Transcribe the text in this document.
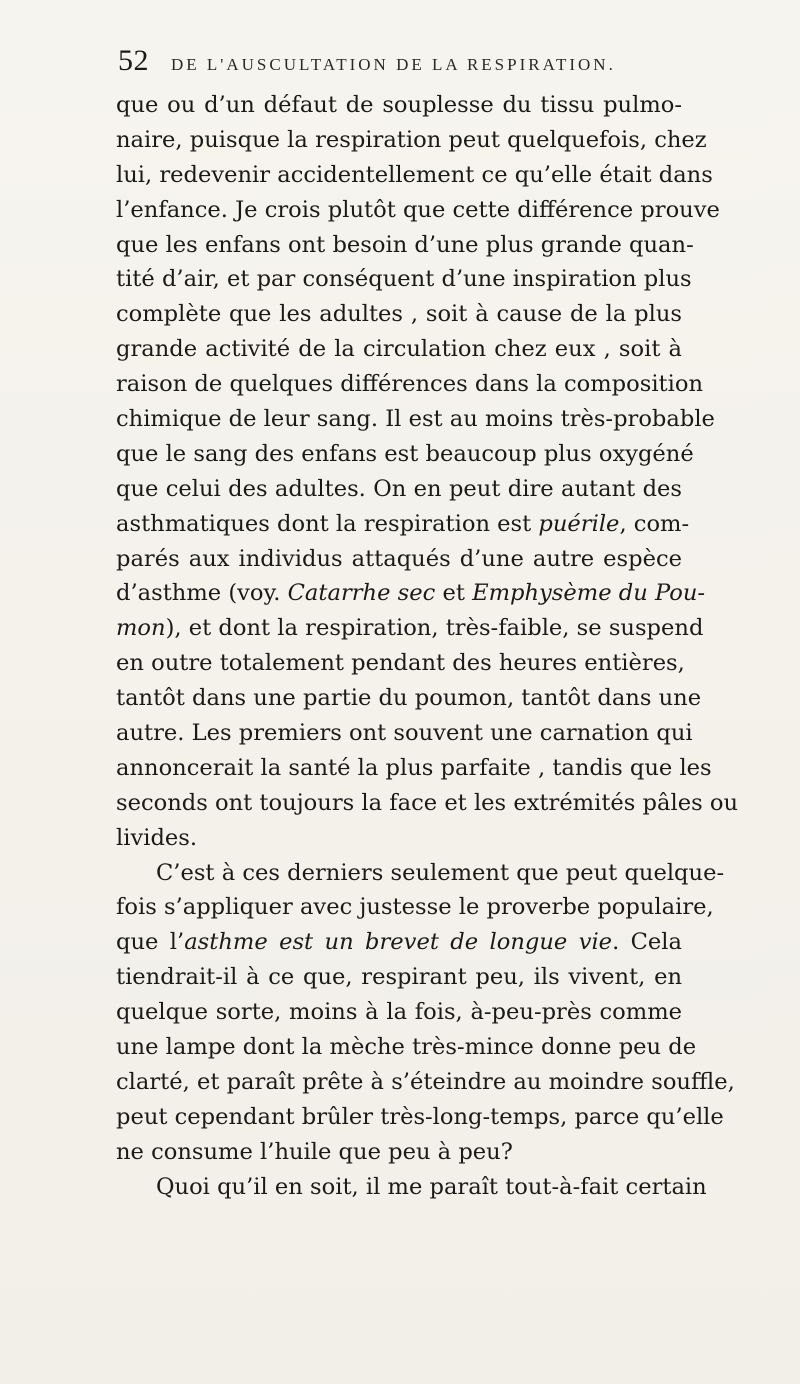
52 DE L'AUSCULTATION DE LA RESPIRATION.
que ou d’un défaut de souplesse du tissu pulmo-
naire, puisque la respiration peut quelquefois, chez
lui, redevenir accidentellement ce qu’elle était dans
l’enfance. Je crois plutôt que cette différence prouve
que les enfans ont besoin d’une plus grande quan-
tité d’air, et par conséquent d’une inspiration plus
complète que les adultes , soit à cause de la plus
grande activité de la circulation chez eux , soit à
raison de quelques différences dans la composition
chimique de leur sang. Il est au moins très-probable
que le sang des enfans est beaucoup plus oxygéné
que celui des adultes. On en peut dire autant des
asthmatiques dont la respiration est puérile, com-
parés aux individus attaqués d’une autre espèce
d’asthme (voy. Catarrhe sec et Emphysème du Pou-
mon), et dont la respiration, très-faible, se suspend
en outre totalement pendant des heures entières,
tantôt dans une partie du poumon, tantôt dans une
autre. Les premiers ont souvent une carnation qui
annoncerait la santé la plus parfaite , tandis que les
seconds ont toujours la face et les extrémités pâles ou
livides.
C’est à ces derniers seulement que peut quelque-
fois s’appliquer avec justesse le proverbe populaire,
que l’asthme est un brevet de longue vie. Cela
tiendrait-il à ce que, respirant peu, ils vivent, en
quelque sorte, moins à la fois, à-peu-près comme
une lampe dont la mèche très-mince donne peu de
clarté, et paraît prête à s’éteindre au moindre souffle,
peut cependant brûler très-long-temps, parce qu’elle
ne consume l’huile que peu à peu?
Quoi qu’il en soit, il me paraît tout-à-fait certain
